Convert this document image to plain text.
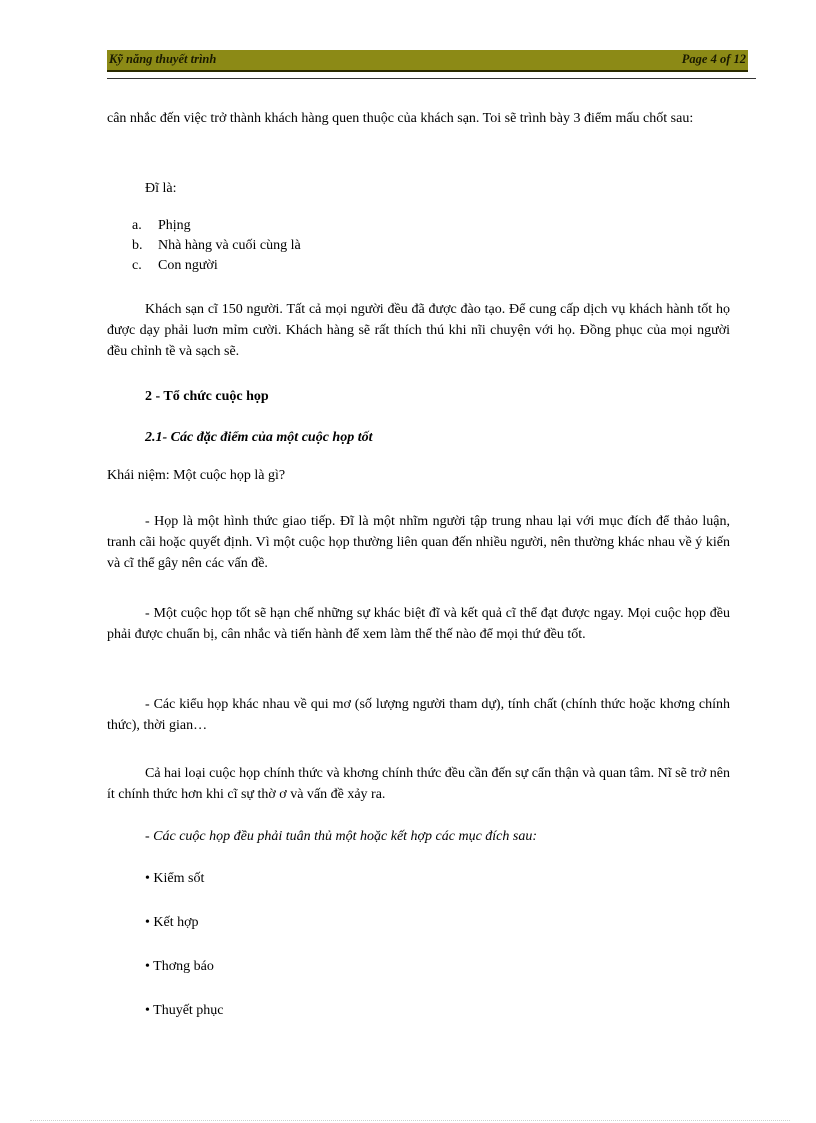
Kỹ năng thuyết trình	Page 4 of 12
cân nhắc đến việc trở thành khách hàng quen thuộc của khách sạn. Toi sẽ trình bày 3 điểm mấu chốt sau:
Ðĩ là:
a. Phịng
b. Nhà hàng và cuối cùng là
c. Con người
Khách sạn cĩ 150 người. Tất cả mọi người đều đã được đào tạo. Để cung cấp dịch vụ khách hành tốt họ được dạy phải luơn mỉm cười. Khách hàng sẽ rất thích thú khi nĩi chuyện với họ. Đồng phục của mọi người đều chỉnh tề và sạch sẽ.
2 - Tổ chức cuộc họp
2.1- Các đặc điểm của một cuộc họp tốt
Khái niệm: Một cuộc họp là gì?
- Họp là một hình thức giao tiếp. Ðĩ là một nhĩm người tập trung nhau lại với mục đích để thảo luận, tranh cãi hoặc quyết định. Vì một cuộc họp thường liên quan đến nhiều người, nên thường khác nhau về ý kiến và cĩ thể gây nên các vấn đề.
- Một cuộc họp tốt sẽ hạn chế những sự khác biệt đĩ và kết quả cĩ thể đạt được ngay. Mọi cuộc họp đều phải được chuẩn bị, cân nhắc và tiến hành để xem làm thế thế nào để mọi thứ đều tốt.
- Các kiểu họp khác nhau về qui mơ (số lượng người tham dự), tính chất (chính thức hoặc khơng chính thức), thời gian…
Cả hai loại cuộc họp chính thức và khơng chính thức đều cần đến sự cẩn thận và quan tâm. Nĩ sẽ trở nên ít chính thức hơn khi cĩ sự thờ ơ và vấn đề xảy ra.
- Các cuộc họp đều phải tuân thủ một hoặc kết hợp các mục đích sau:
• Kiểm sốt
• Kết hợp
• Thơng báo
• Thuyết phục
